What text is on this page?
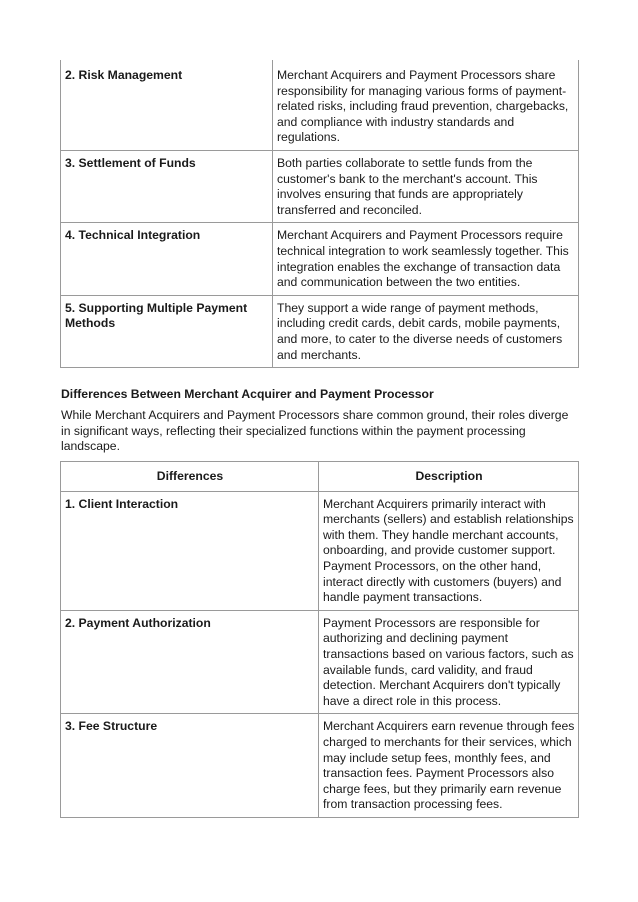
2. Risk Management	Merchant Acquirers and Payment Processors share responsibility for managing various forms of payment-related risks, including fraud prevention, chargebacks, and compliance with industry standards and regulations.
3. Settlement of Funds	Both parties collaborate to settle funds from the customer's bank to the merchant's account. This involves ensuring that funds are appropriately transferred and reconciled.
4. Technical Integration	Merchant Acquirers and Payment Processors require technical integration to work seamlessly together. This integration enables the exchange of transaction data and communication between the two entities.
5. Supporting Multiple Payment Methods	They support a wide range of payment methods, including credit cards, debit cards, mobile payments, and more, to cater to the diverse needs of customers and merchants.
Differences Between Merchant Acquirer and Payment Processor

While Merchant Acquirers and Payment Processors share common ground, their roles diverge in significant ways, reflecting their specialized functions within the payment processing landscape.

Differences	Description
1. Client Interaction	Merchant Acquirers primarily interact with merchants (sellers) and establish relationships with them. They handle merchant accounts, onboarding, and provide customer support. Payment Processors, on the other hand, interact directly with customers (buyers) and handle payment transactions.
2. Payment Authorization	Payment Processors are responsible for authorizing and declining payment transactions based on various factors, such as available funds, card validity, and fraud detection. Merchant Acquirers don't typically have a direct role in this process.
3. Fee Structure	Merchant Acquirers earn revenue through fees charged to merchants for their services, which may include setup fees, monthly fees, and transaction fees. Payment Processors also charge fees, but they primarily earn revenue from transaction processing fees.
